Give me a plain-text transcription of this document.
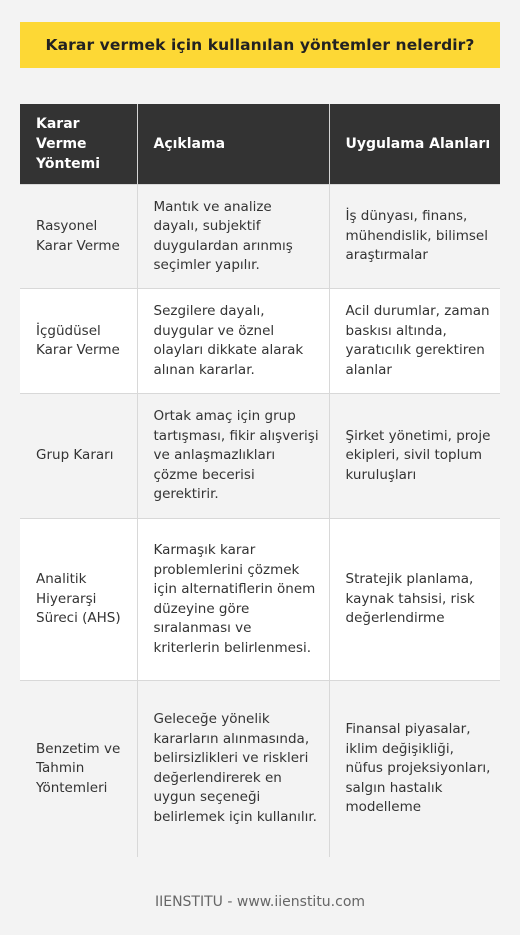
Karar vermek için kullanılan yöntemler nelerdir?
Karar Verme Yöntemi	Açıklama	Uygulama Alanları
Rasyonel Karar Verme	Mantık ve analize dayalı, subjektif duygulardan arınmış seçimler yapılır.	İş dünyası, finans, mühendislik, bilimsel araştırmalar
İçgüdüsel Karar Verme	Sezgilere dayalı, duygular ve öznel olayları dikkate alarak alınan kararlar.	Acil durumlar, zaman baskısı altında, yaratıcılık gerektiren alanlar
Grup Kararı	Ortak amaç için grup tartışması, fikir alışverişi ve anlaşmazlıkları çözme becerisi gerektirir.	Şirket yönetimi, proje ekipleri, sivil toplum kuruluşları
Analitik Hiyerarşi Süreci (AHS)	Karmaşık karar problemlerini çözmek için alternatiflerin önem düzeyine göre sıralanması ve kriterlerin belirlenmesi.	Stratejik planlama, kaynak tahsisi, risk değerlendirme
Benzetim ve Tahmin Yöntemleri	Geleceğe yönelik kararların alınmasında, belirsizlikleri ve riskleri değerlendirerek en uygun seçeneği belirlemek için kullanılır.	Finansal piyasalar, iklim değişikliği, nüfus projeksiyonları, salgın hastalık modelleme
IIENSTITU - www.iienstitu.com
